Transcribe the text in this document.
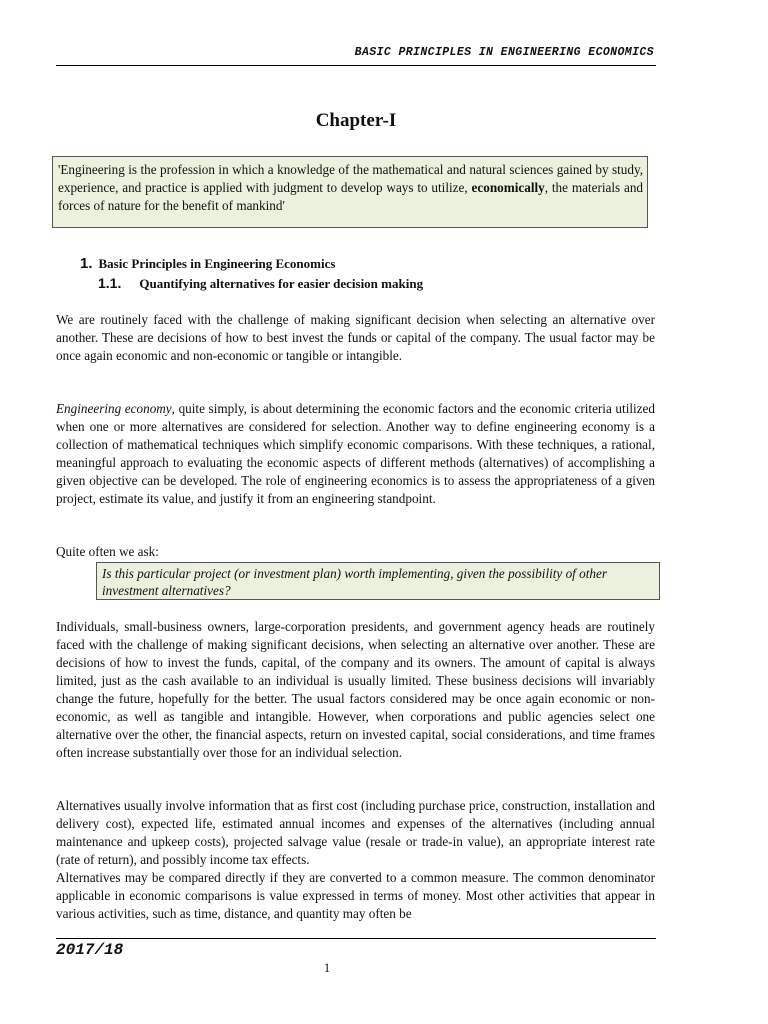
BASIC PRINCIPLES IN ENGINEERING ECONOMICS
Chapter-I
'Engineering is the profession in which a knowledge of the mathematical and natural sciences gained by study, experience, and practice is applied with judgment to develop ways to utilize, economically, the materials and forces of nature for the benefit of mankind'
1. Basic Principles in Engineering Economics
1.1. Quantifying alternatives for easier decision making

We are routinely faced with the challenge of making significant decision when selecting an alternative over another. These are decisions of how to best invest the funds or capital of the company. The usual factor may be once again economic and non-economic or tangible or intangible.

Engineering economy, quite simply, is about determining the economic factors and the economic criteria utilized when one or more alternatives are considered for selection. Another way to define engineering economy is a collection of mathematical techniques which simplify economic comparisons. With these techniques, a rational, meaningful approach to evaluating the economic aspects of different methods (alternatives) of accomplishing a given objective can be developed. The role of engineering economics is to assess the appropriateness of a given project, estimate its value, and justify it from an engineering standpoint.

Quite often we ask:

Is this particular project (or investment plan) worth implementing, given the possibility of other investment alternatives?

Individuals, small-business owners, large-corporation presidents, and government agency heads are routinely faced with the challenge of making significant decisions, when selecting an alternative over another. These are decisions of how to invest the funds, capital, of the company and its owners. The amount of capital is always limited, just as the cash available to an individual is usually limited. These business decisions will invariably change the future, hopefully for the better. The usual factors considered may be once again economic or non-economic, as well as tangible and intangible. However, when corporations and public agencies select one alternative over the other, the financial aspects, return on invested capital, social considerations, and time frames often increase substantially over those for an individual selection.

Alternatives usually involve information that as first cost (including purchase price, construction, installation and delivery cost), expected life, estimated annual incomes and expenses of the alternatives (including annual maintenance and upkeep costs), projected salvage value (resale or trade-in value), an appropriate interest rate (rate of return), and possibly income tax effects.

Alternatives may be compared directly if they are converted to a common measure. The common denominator applicable in economic comparisons is value expressed in terms of money. Most other activities that appear in various activities, such as time, distance, and quantity may often be

2017/18
1
